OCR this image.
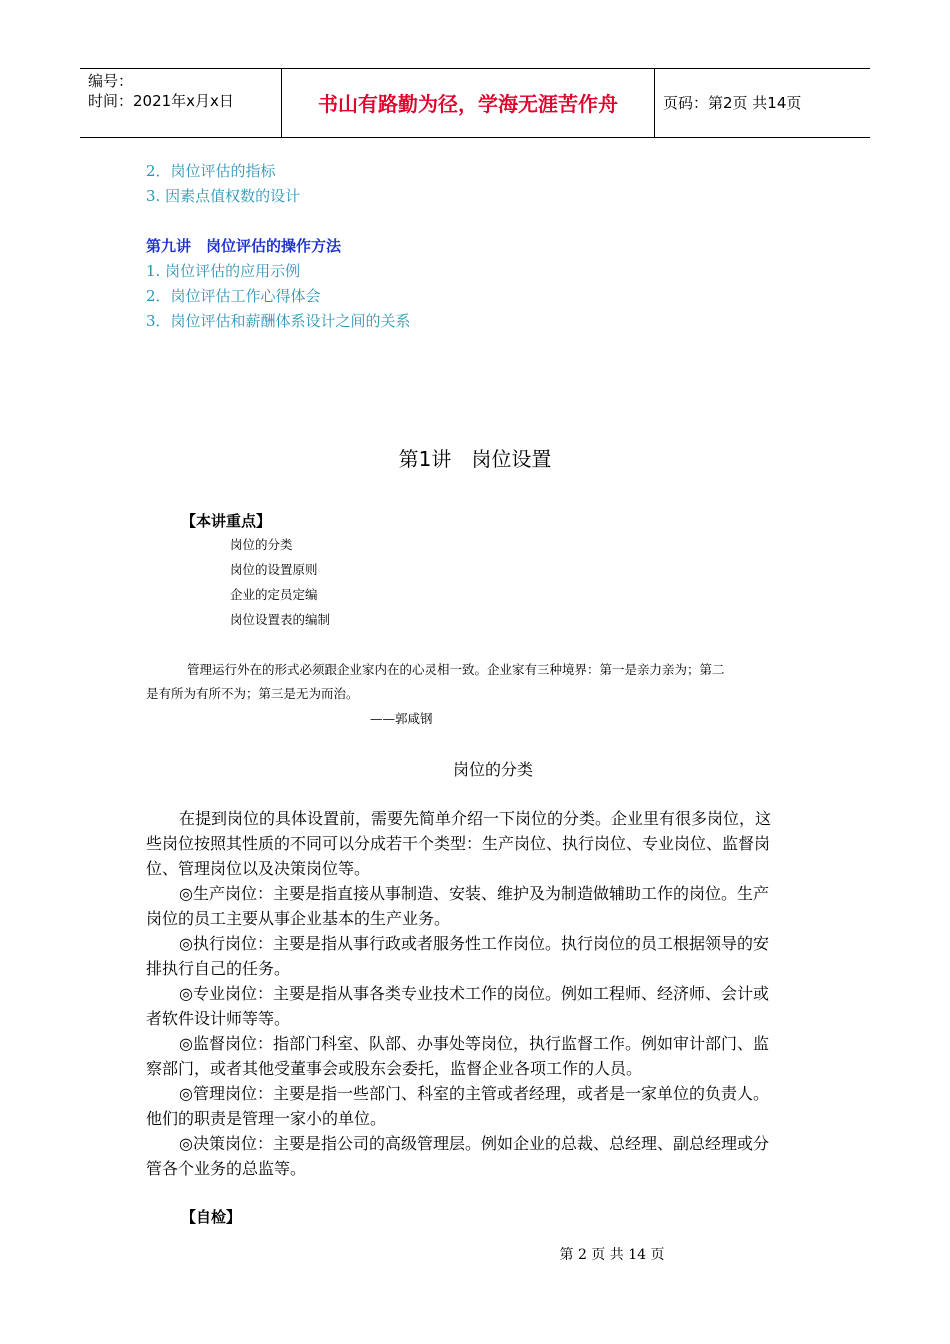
编号：
时间：2021年x月x日	书山有路勤为径，学海无涯苦作舟	页码：第2页 共14页
2．岗位评估的指标
3. 因素点值权数的设计
第九讲　岗位评估的操作方法
1. 岗位评估的应用示例
2．岗位评估工作心得体会
3．岗位评估和薪酬体系设计之间的关系
第1讲　岗位设置
【本讲重点】
岗位的分类
岗位的设置原则
企业的定员定编
岗位设置表的编制
管理运行外在的形式必须跟企业家内在的心灵相一致。企业家有三种境界：第一是亲力亲为；第二
是有所为有所不为；第三是无为而治。
——郭咸钢
岗位的分类
在提到岗位的具体设置前，需要先简单介绍一下岗位的分类。企业里有很多岗位，这
些岗位按照其性质的不同可以分成若干个类型：生产岗位、执行岗位、专业岗位、监督岗
位、管理岗位以及决策岗位等。
◎生产岗位：主要是指直接从事制造、安装、维护及为制造做辅助工作的岗位。生产
岗位的员工主要从事企业基本的生产业务。
◎执行岗位：主要是指从事行政或者服务性工作岗位。执行岗位的员工根据领导的安
排执行自己的任务。
◎专业岗位：主要是指从事各类专业技术工作的岗位。例如工程师、经济师、会计或
者软件设计师等等。
◎监督岗位：指部门科室、队部、办事处等岗位，执行监督工作。例如审计部门、监
察部门，或者其他受董事会或股东会委托，监督企业各项工作的人员。
◎管理岗位：主要是指一些部门、科室的主管或者经理，或者是一家单位的负责人。
他们的职责是管理一家小的单位。
◎决策岗位：主要是指公司的高级管理层。例如企业的总裁、总经理、副总经理或分
管各个业务的总监等。
【自检】
第 2 页 共 14 页
